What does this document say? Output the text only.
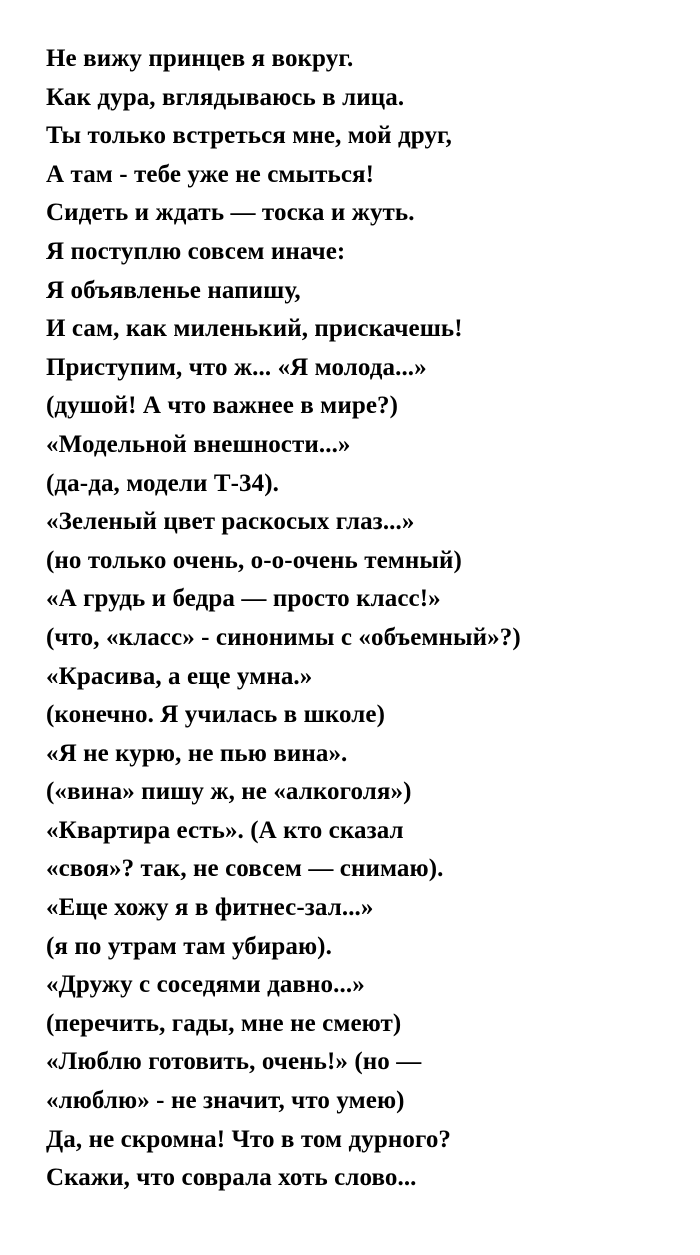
Не вижу принцев я вокруг.
Как дура, вглядываюсь в лица.
Ты только встреться мне, мой друг,
А там - тебе уже не смыться!
Сидеть и ждать — тоска и жуть.
Я поступлю совсем иначе:
Я объявленье напишу,
И сам, как миленький, прискачешь!
Приступим, что ж... «Я молода...»
(душой! А что важнее в мире?)
«Модельной внешности...»
(да-да, модели Т-34).
«Зеленый цвет раскосых глаз...»
(но только очень, о-о-очень темный)
«А грудь и бедра — просто класс!»
(что, «класс» - синонимы с «объемный»?)
«Красива, а еще умна.»
(конечно. Я училась в школе)
«Я не курю, не пью вина».
(«вина» пишу ж, не «алкоголя»)
«Квартира есть». (А кто сказал
«своя»? так, не совсем — снимаю).
«Еще хожу я в фитнес-зал...»
(я по утрам там убираю).
«Дружу с соседями давно...»
(перечить, гады, мне не смеют)
«Люблю готовить, очень!» (но —
«люблю» - не значит, что умею)
Да, не скромна! Что в том дурного?
Скажи, что соврала хоть слово...
